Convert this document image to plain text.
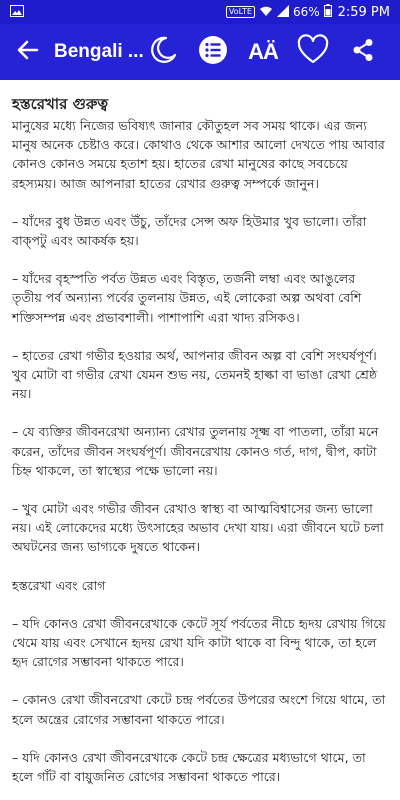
VoLTE	66% 2:59 PM
Bengali ...	AÄ
হস্তরেখার গুরুত্ব

মানুষের মধ্যে নিজের ভবিষ্যৎ জানার কৌতুহল সব সময় থাকে। এর জন্য মানুষ অনেক চেষ্টাও করে। কোথাও থেকে আশার আলো দেখতে পায় আবার কোনও কোনও সময়ে হতাশ হয়। হাতের রেখা মানুষের কাছে সবচেয়ে রহস্যময়। আজ আপনারা হাতের রেখার গুরুত্ব সম্পর্কে জানুন।

– যাঁদের বুধ উন্নত এবং উঁচু, তাঁদের সেন্স অফ হিউমার খুব ভালো। তাঁরা বাক্পটু এবং আকর্ষক হয়।

– যাঁদের বৃহস্পতি পর্বত উন্নত এবং বিস্তৃত, তর্জনী লম্বা এবং আঙুলের তৃতীয় পর্ব অন্যান্য পর্বের তুলনায় উন্নত, এই লোকেরা অল্প অথবা বেশি শক্তিসম্পন্ন এবং প্রভাবশালী। পাশাপাশি এরা খাদ্য রসিকও।

– হাতের রেখা গভীর হওয়ার অর্থ, আপনার জীবন অল্প বা বেশি সংঘর্ষপূর্ণ। খুব মোটা বা গভীর রেখা যেমন শুভ নয়, তেমনই হাল্কা বা ভাঙা রেখা শ্রেষ্ঠ নয়।

– যে ব্যক্তির জীবনরেখা অন্যান্য রেখার তুলনায় সূক্ষ্ম বা পাতলা, তাঁরা মনে করেন, তাঁদের জীবন সংঘর্ষপূর্ণ। জীবনরেখায় কোনও গর্ত, দাগ, দ্বীপ, কাটা চিহ্ন থাকলে, তা স্বাস্থ্যের পক্ষে ভালো নয়।

– খুব মোটা এবং গভীর জীবন রেখাও স্বাস্থ্য বা আত্মবিশ্বাসের জন্য ভালো নয়। এই লোকেদের মধ্যে উৎসাহের অভাব দেখা যায়। এরা জীবনে ঘটে চলা অঘটনের জন্য ভাগ্যকে দুষতে থাকেন।

হস্তরেখা এবং রোগ

– যদি কোনও রেখা জীবনরেখাকে কেটে সূর্য পর্বতের নীচে হৃদয় রেখায় গিয়ে থেমে যায় এবং সেখানে হৃদয় রেখা যদি কাটা থাকে বা বিন্দু থাকে, তা হলে হৃদ রোগের সম্ভাবনা থাকতে পারে।

– কোনও রেখা জীবনরেখা কেটে চন্দ্র পর্বতের উপরের অংশে গিয়ে থামে, তা হলে অন্ত্রের রোগের সম্ভাবনা থাকতে পারে।

– যদি কোনও রেখা জীবনরেখাকে কেটে চন্দ্র ক্ষেত্রের মধ্যভাগে থামে, তা হলে গাঁট বা বায়ুজনিত রোগের সম্ভাবনা থাকতে পারে।
